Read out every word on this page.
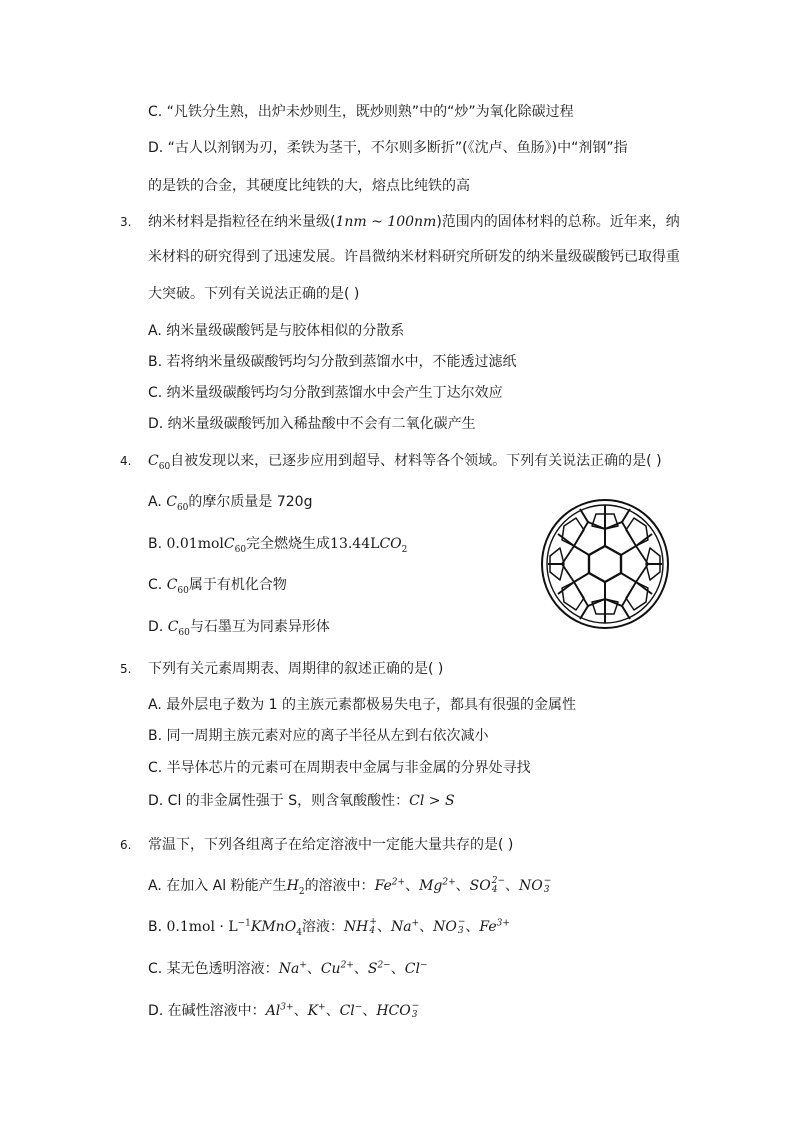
C. “凡铁分生熟，出炉未炒则生，既炒则熟”中的“炒”为氧化除碳过程
D. “古人以剂钢为刃，柔铁为茎干，不尔则多断折”(《沈卢、鱼肠》)中“剂钢”指
的是铁的合金，其硬度比纯铁的大，熔点比纯铁的高
3. 纳米材料是指粒径在纳米量级(1nm ~ 100nm)范围内的固体材料的总称。近年来，纳
米材料的研究得到了迅速发展。许昌微纳米材料研究所研发的纳米量级碳酸钙已取得重
大突破。下列有关说法正确的是( )
A. 纳米量级碳酸钙是与胶体相似的分散系
B. 若将纳米量级碳酸钙均匀分散到蒸馏水中，不能透过滤纸
C. 纳米量级碳酸钙均匀分散到蒸馏水中会产生丁达尔效应
D. 纳米量级碳酸钙加入稀盐酸中不会有二氧化碳产生
4. $C_{60}$自被发现以来，已逐步应用到超导、材料等各个领域。下列有关说法正确的是( )
A. $C_{60}$的摩尔质量是 720g
B. 0.01molC$_{60}$完全燃烧生成$13.44LCO_2$
C. $C_{60}$属于有机化合物
D. $C_{60}$与石墨互为同素异形体
5. 下列有关元素周期表、周期律的叙述正确的是( )
A. 最外层电子数为 1 的主族元素都极易失电子，都具有很强的金属性
B. 同一周期主族元素对应的离子半径从左到右依次减小
C. 半导体芯片的元素可在周期表中金属与非金属的分界处寻找
D. Cl 的非金属性强于 S，则含氧酸酸性：Cl > S
6. 常温下，下列各组离子在给定溶液中一定能大量共存的是( )
A. 在加入 Al 粉能产生$H_2$的溶液中：$Fe^{2+}$、$Mg^{2+}$、SO 2−
4 、NO −
3
B. $0.1mol \cdot L^{-1}KMnO_4$溶液：NH +
4 、Na+、NO −
3 、$Fe^{3+}$
C. 某无色透明溶液：Na+、$Cu^{2+}$、$S^{2-}$、Cl−
D. 在碱性溶液中：$Al^{3+}$、K+、Cl−、HCO −
3
